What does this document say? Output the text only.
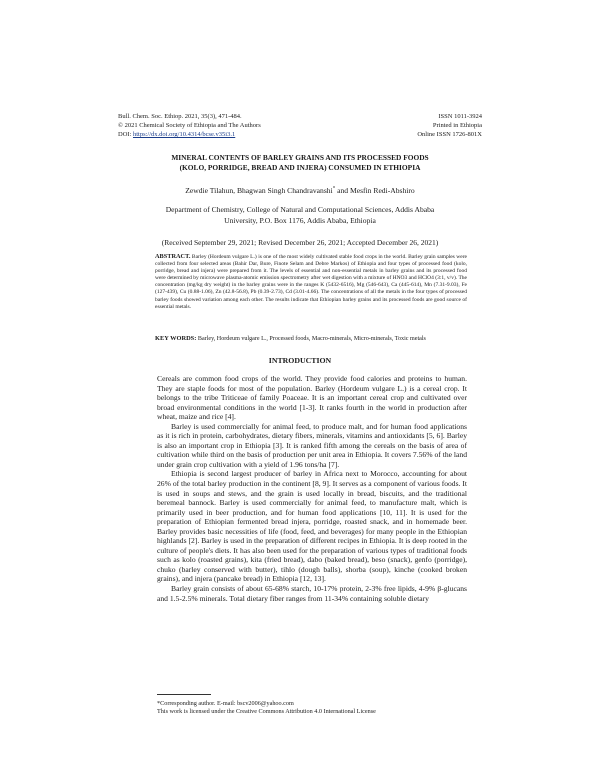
Bull. Chem. Soc. Ethiop. 2021, 35(3), 471-484.
© 2021 Chemical Society of Ethiopia and The Authors
DOI: https://dx.doi.org/10.4314/bcse.v35i3.1
ISSN 1011-3924
Printed in Ethiopia
Online ISSN 1726-801X
MINERAL CONTENTS OF BARLEY GRAINS AND ITS PROCESSED FOODS
(KOLO, PORRIDGE, BREAD AND INJERA) CONSUMED IN ETHIOPIA
Zewdie Tilahun, Bhagwan Singh Chandravanshi* and Mesfin Redi-Abshiro
Department of Chemistry, College of Natural and Computational Sciences, Addis Ababa
University, P.O. Box 1176, Addis Ababa, Ethiopia
(Received September 29, 2021; Revised December 26, 2021; Accepted December 26, 2021)
ABSTRACT. Barley (Hordeum vulgare L.) is one of the most widely cultivated stable food crops in the world. Barley grain samples were collected from four selected areas (Bahir Dar, Bure, Finote Selam and Debre Markos) of Ethiopia and four types of processed food (kolo, porridge, bread and injera) were prepared from it. The levels of essential and non-essential metals in barley grains and its processed food were determined by microwave plasma-atomic emission spectrometry after wet digestion with a mixture of HNO3 and HClO4 (3:1, v/v). The concentration (mg/kg dry weight) in the barley grains were in the ranges K (5432-6516), Mg (546-643), Ca (445-614), Mn (7.31-9.03), Fe (127-439), Cu (0.88-1.06), Zn (42.8-56.8), Pb (0.39-2.73), Cd (3.01-4.66). The concentrations of all the metals in the four types of processed barley foods showed variation among each other. The results indicate that Ethiopian barley grains and its processed foods are good source of essential metals.
KEY WORDS: Barley, Hordeum vulgare L., Processed foods, Macro-minerals, Micro-minerals, Toxic metals
INTRODUCTION

Cereals are common food crops of the world. They provide food calories and proteins to human. They are staple foods for most of the population. Barley (Hordeum vulgare L.) is a cereal crop. It belongs to the tribe Triticeae of family Poaceae. It is an important cereal crop and cultivated over broad environmental conditions in the world [1-3]. It ranks fourth in the world in production after wheat, maize and rice [4].

Barley is used commercially for animal feed, to produce malt, and for human food applications as it is rich in protein, carbohydrates, dietary fibers, minerals, vitamins and antioxidants [5, 6]. Barley is also an important crop in Ethiopia [3]. It is ranked fifth among the cereals on the basis of area of cultivation while third on the basis of production per unit area in Ethiopia. It covers 7.56% of the land under grain crop cultivation with a yield of 1.96 tons/ha [7].

Ethiopia is second largest producer of barley in Africa next to Morocco, accounting for about 26% of the total barley production in the continent [8, 9]. It serves as a component of various foods. It is used in soups and stews, and the grain is used locally in bread, biscuits, and the traditional beremeal bannock. Barley is used commercially for animal feed, to manufacture malt, which is primarily used in beer production, and for human food applications [10, 11]. It is used for the preparation of Ethiopian fermented bread injera, porridge, roasted snack, and in homemade beer. Barley provides basic necessities of life (food, feed, and beverages) for many people in the Ethiopian highlands [2]. Barley is used in the preparation of different recipes in Ethiopia. It is deep rooted in the culture of people's diets. It has also been used for the preparation of various types of traditional foods such as kolo (roasted grains), kita (fried bread), dabo (baked bread), beso (snack), genfo (porridge), chuko (barley conserved with butter), tihlo (dough balls), shorba (soup), kinche (cooked broken grains), and injera (pancake bread) in Ethiopia [12, 13].

Barley grain consists of about 65-68% starch, 10-17% protein, 2-3% free lipids, 4-9% β-glucans and 1.5-2.5% minerals. Total dietary fiber ranges from 11-34% containing soluble dietary

*Corresponding author. E-mail: bscv2006@yahoo.com
This work is licensed under the Creative Commons Attribution 4.0 International License
